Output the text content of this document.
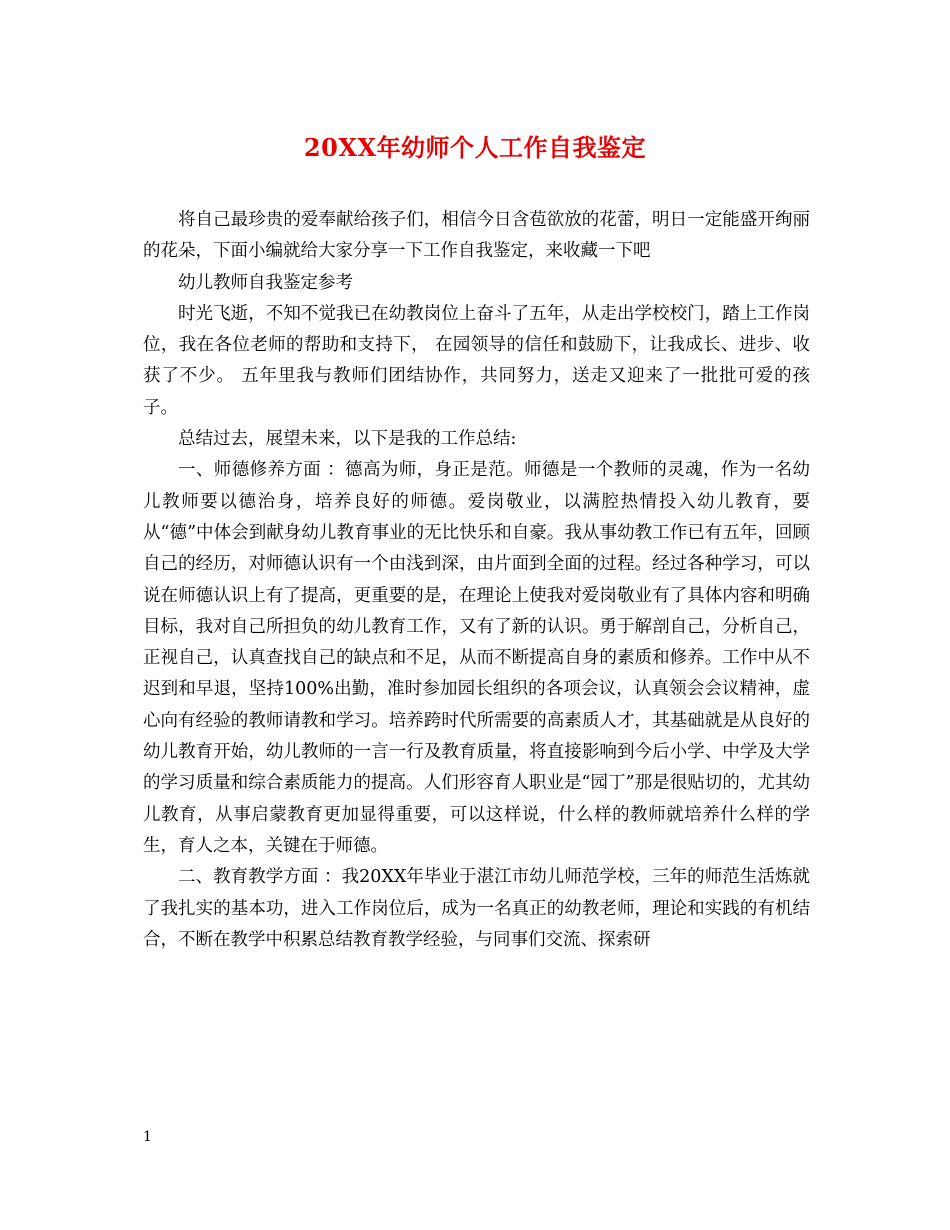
20XX年幼师个人工作自我鉴定

将自己最珍贵的爱奉献给孩子们，相信今日含苞欲放的花蕾，明日一定能盛开绚丽的花朵，下面小编就给大家分享一下工作自我鉴定，来收藏一下吧

幼儿教师自我鉴定参考

时光飞逝，不知不觉我已在幼教岗位上奋斗了五年，从走出学校校门，踏上工作岗位，我在各位老师的帮助和支持下， 在园领导的信任和鼓励下，让我成长、进步、收获了不少。 五年里我与教师们团结协作，共同努力，送走又迎来了一批批可爱的孩子。

总结过去，展望未来，以下是我的工作总结:

一、师德修养方面 ：德高为师，身正是范。师德是一个教师的灵魂，作为一名幼儿教师要以德治身，培养良好的师德。爱岗敬业，以满腔热情投入幼儿教育，要从“德”中体会到献身幼儿教育事业的无比快乐和自豪。我从事幼教工作已有五年，回顾自己的经历，对师德认识有一个由浅到深，由片面到全面的过程。经过各种学习，可以说在师德认识上有了提高，更重要的是，在理论上使我对爱岗敬业有了具体内容和明确目标，我对自己所担负的幼儿教育工作，又有了新的认识。勇于解剖自己，分析自己，正视自己，认真查找自己的缺点和不足，从而不断提高自身的素质和修养。工作中从不迟到和早退，坚持100%出勤，准时参加园长组织的各项会议，认真领会会议精神，虚心向有经验的教师请教和学习。培养跨时代所需要的高素质人才，其基础就是从良好的幼儿教育开始，幼儿教师的一言一行及教育质量，将直接影响到今后小学、中学及大学的学习质量和综合素质能力的提高。人们形容育人职业是“园丁”那是很贴切的，尤其幼儿教育，从事启蒙教育更加显得重要，可以这样说，什么样的教师就培养什么样的学生，育人之本，关键在于师德。

二、教育教学方面 ：我20XX年毕业于湛江市幼儿师范学校，三年的师范生活炼就了我扎实的基本功，进入工作岗位后，成为一名真正的幼教老师，理论和实践的有机结合，不断在教学中积累总结教育教学经验，与同事们交流、探索研

1
